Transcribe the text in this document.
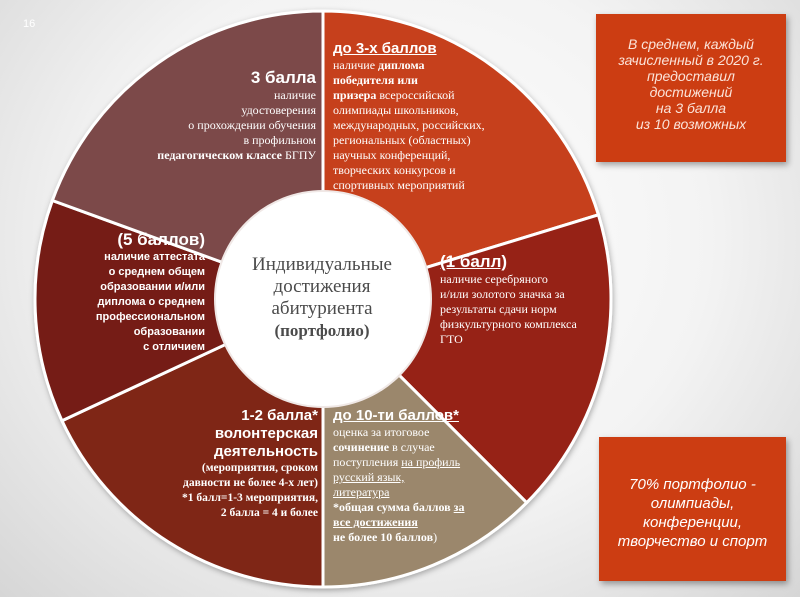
16
Индивидуальные
достижения
абитуриента
(портфолио)
3 балла
наличие
удостоверения
о прохождении обучения
в профильном
педагогическом классе БГПУ
до 3-х баллов
наличие диплома
победителя или
призера всероссийской
олимпиады школьников,
международных, российских,
региональных (областных)
научных конференций,
творческих конкурсов и
спортивных мероприятий
(5 баллов)
наличие аттестата
о среднем общем
образовании и/или
диплома о среднем
профессиональном
образовании
с отличием
(1 балл)
наличие серебряного
и/или золотого значка за
результаты сдачи норм
физкультурного комплекса
ГТО
1-2 балла*
волонтерская
деятельность
(мероприятия, сроком
давности не более 4-х лет)
*1 балл=1-3 мероприятия,
2 балла = 4 и более
до 10-ти баллов*
оценка за итоговое
сочинение в случае
поступления на профиль
русский язык,
литература
*общая сумма баллов за
все достижения
не более 10 баллов)
В среднем, каждый
зачисленный в 2020 г.
предоставил
достижений
на 3 балла
из 10 возможных
70% портфолио -
олимпиады,
конференции,
творчество и спорт
